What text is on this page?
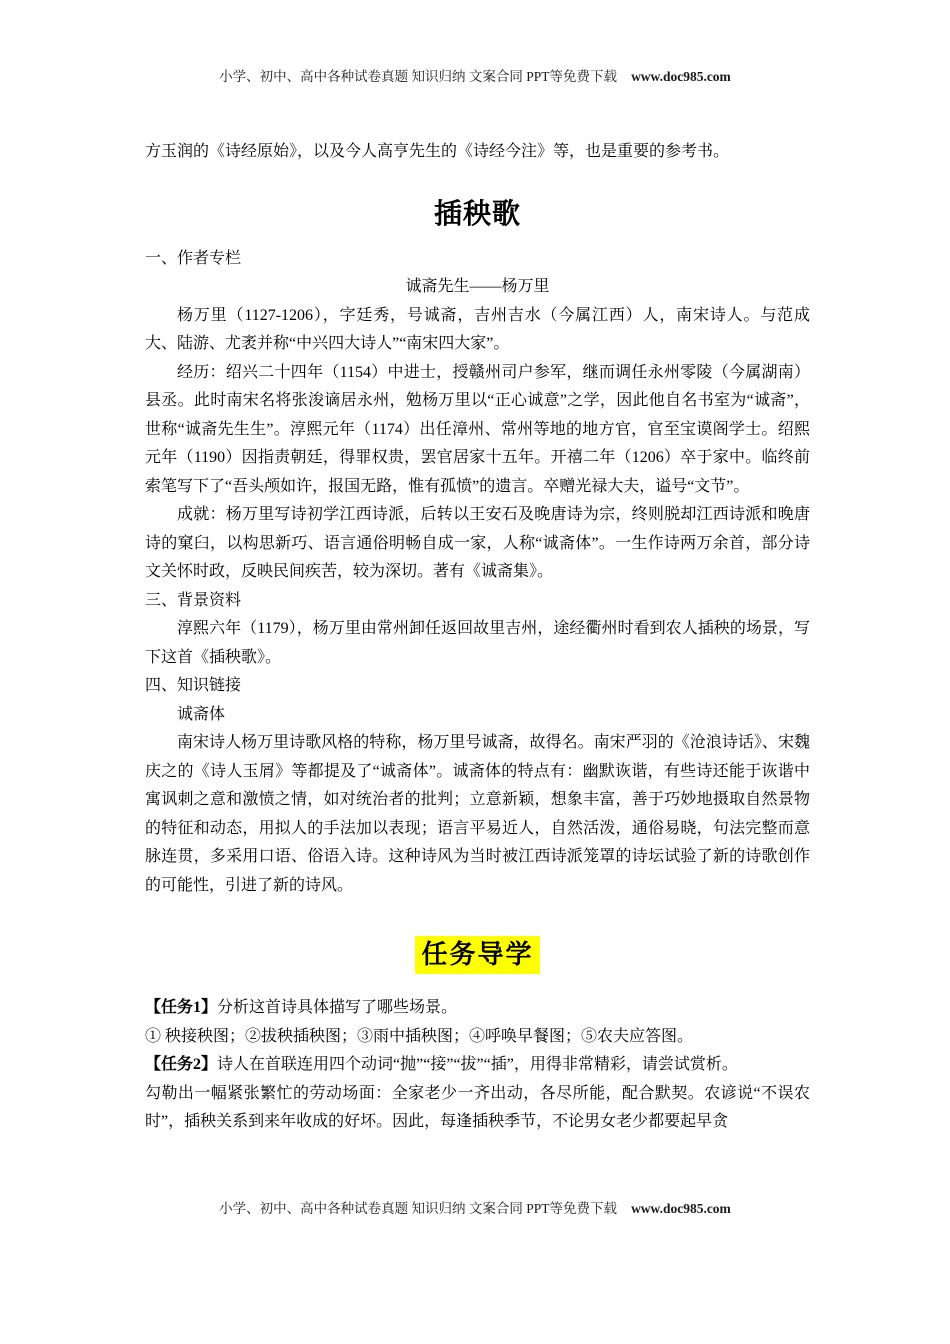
小学、初中、高中各种试卷真题 知识归纳 文案合同 PPT等免费下载 www.doc985.com

方玉润的《诗经原始》，以及今人高亨先生的《诗经今注》等，也是重要的参考书。

插秧歌

一、作者专栏

诚斋先生——杨万里

杨万里（1127-1206），字廷秀，号诚斋，吉州吉水（今属江西）人，南宋诗人。与范成大、陆游、尤袤并称“中兴四大诗人”“南宋四大家”。

经历：绍兴二十四年（1154）中进士，授赣州司户参军，继而调任永州零陵（今属湖南）县丞。此时南宋名将张浚谪居永州，勉杨万里以“正心诚意”之学，因此他自名书室为“诚斋”，世称“诚斋先生生”。淳熙元年（1174）出任漳州、常州等地的地方官，官至宝谟阁学士。绍熙元年（1190）因指责朝廷，得罪权贵，罢官居家十五年。开禧二年（1206）卒于家中。临终前索笔写下了“吾头颅如许，报国无路，惟有孤愤”的遗言。卒赠光禄大夫，谥号“文节”。

成就：杨万里写诗初学江西诗派，后转以王安石及晚唐诗为宗，终则脱却江西诗派和晚唐诗的窠臼，以构思新巧、语言通俗明畅自成一家，人称“诚斋体”。一生作诗两万余首，部分诗文关怀时政，反映民间疾苦，较为深切。著有《诚斋集》。

三、背景资料

淳熙六年（1179），杨万里由常州卸任返回故里吉州，途经衢州时看到农人插秧的场景，写下这首《插秧歌》。

四、知识链接

诚斋体

南宋诗人杨万里诗歌风格的特称，杨万里号诚斋，故得名。南宋严羽的《沧浪诗话》、宋魏庆之的《诗人玉屑》等都提及了“诚斋体”。诚斋体的特点有：幽默诙谐，有些诗还能于诙谐中寓讽刺之意和激愤之情，如对统治者的批判；立意新颖，想象丰富，善于巧妙地摄取自然景物的特征和动态，用拟人的手法加以表现；语言平易近人，自然活泼，通俗易晓，句法完整而意脉连贯，多采用口语、俗语入诗。这种诗风为当时被江西诗派笼罩的诗坛试验了新的诗歌创作的可能性，引进了新的诗风。

任务导学

【任务1】分析这首诗具体描写了哪些场景。

① 秧接秧图；②拔秧插秧图；③雨中插秧图；④呼唤早餐图；⑤农夫应答图。

【任务2】诗人在首联连用四个动词“抛”“接”“拔”“插”，用得非常精彩，请尝试赏析。

勾勒出一幅紧张繁忙的劳动场面：全家老少一齐出动，各尽所能，配合默契。农谚说“不误农时”，插秧关系到来年收成的好坏。因此，每逢插秧季节，不论男女老少都要起早贪

小学、初中、高中各种试卷真题 知识归纳 文案合同 PPT等免费下载 www.doc985.com
